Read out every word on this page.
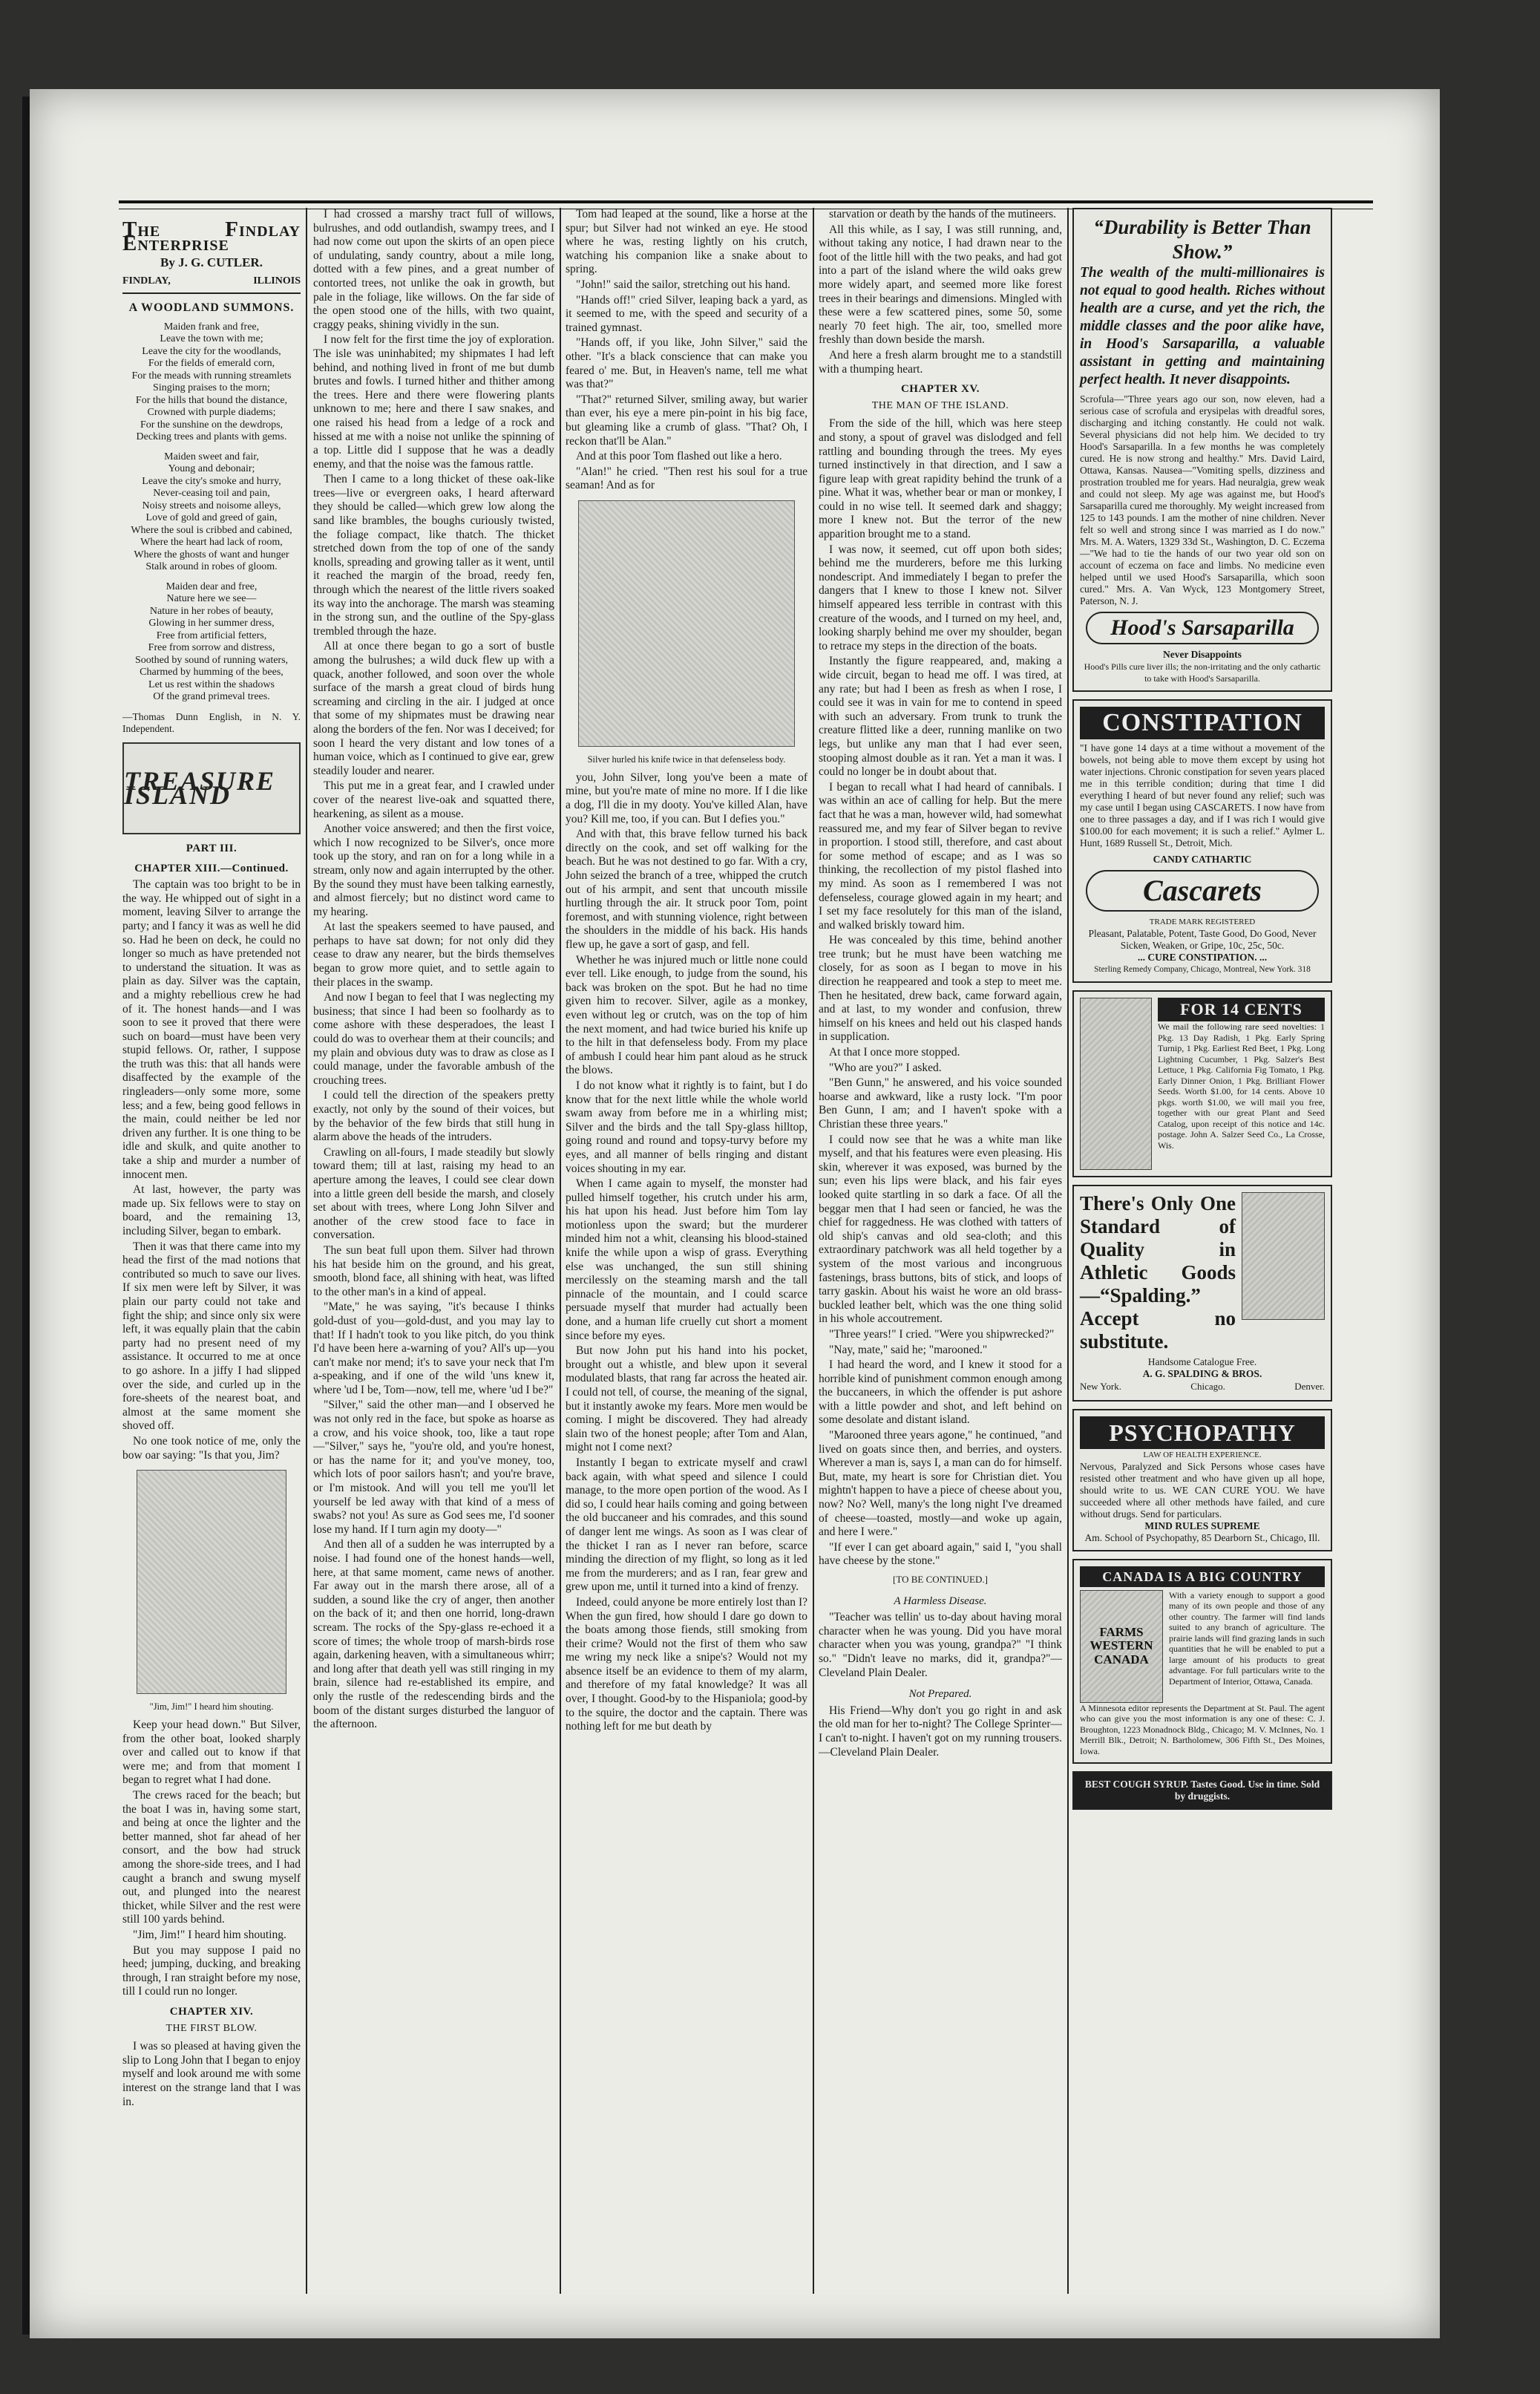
The Findlay Enterprise
By J. G. CUTLER.
FINDLAY,	ILLINOIS
A WOODLAND SUMMONS.
Maiden frank and free,
Leave the town with me;
Leave the city for the woodlands,
For the fields of emerald corn,
For the meads with running streamlets
Singing praises to the morn;
For the hills that bound the distance,
Crowned with purple diadems;
For the sunshine on the dewdrops,
Decking trees and plants with gems.
Maiden sweet and fair,
Young and debonair;
Leave the city's smoke and hurry,
Never-ceasing toil and pain,
Noisy streets and noisome alleys,
Love of gold and greed of gain,
Where the soul is cribbed and cabined,
Where the heart had lack of room,
Where the ghosts of want and hunger
Stalk around in robes of gloom.
Maiden dear and free,
Nature here we see—
Nature in her robes of beauty,
Glowing in her summer dress,
Free from artificial fetters,
Free from sorrow and distress,
Soothed by sound of running waters,
Charmed by humming of the bees,
Let us rest within the shadows
Of the grand primeval trees.
—Thomas Dunn English, in N. Y. Independent.
TREASURE ISLAND
PART III.
CHAPTER XIII.—Continued.

The captain was too bright to be in the way. He whipped out of sight in a moment, leaving Silver to arrange the party; and I fancy it was as well he did so. Had he been on deck, he could no longer so much as have pretended not to understand the situation. It was as plain as day. Silver was the captain, and a mighty rebellious crew he had of it. The honest hands—and I was soon to see it proved that there were such on board—must have been very stupid fellows. Or, rather, I suppose the truth was this: that all hands were disaffected by the example of the ringleaders—only some more, some less; and a few, being good fellows in the main, could neither be led nor driven any further. It is one thing to be idle and skulk, and quite another to take a ship and murder a number of innocent men.

At last, however, the party was made up. Six fellows were to stay on board, and the remaining 13, including Silver, began to embark.

Then it was that there came into my head the first of the mad notions that contributed so much to save our lives. If six men were left by Silver, it was plain our party could not take and fight the ship; and since only six were left, it was equally plain that the cabin party had no present need of my assistance. It occurred to me at once to go ashore. In a jiffy I had slipped over the side, and curled up in the fore-sheets of the nearest boat, and almost at the same moment she shoved off.

No one took notice of me, only the bow oar saying: "Is that you, Jim?

"Jim, Jim!" I heard him shouting.

Keep your head down." But Silver, from the other boat, looked sharply over and called out to know if that were me; and from that moment I began to regret what I had done.

The crews raced for the beach; but the boat I was in, having some start, and being at once the lighter and the better manned, shot far ahead of her consort, and the bow had struck among the shore-side trees, and I had caught a branch and swung myself out, and plunged into the nearest thicket, while Silver and the rest were still 100 yards behind.

"Jim, Jim!" I heard him shouting.

But you may suppose I paid no heed; jumping, ducking, and breaking through, I ran straight before my nose, till I could run no longer.

CHAPTER XIV.
THE FIRST BLOW.

I was so pleased at having given the slip to Long John that I began to enjoy myself and look around me with some interest on the strange land that I was in.

I had crossed a marshy tract full of willows, bulrushes, and odd outlandish, swampy trees, and I had now come out upon the skirts of an open piece of undulating, sandy country, about a mile long, dotted with a few pines, and a great number of contorted trees, not unlike the oak in growth, but pale in the foliage, like willows. On the far side of the open stood one of the hills, with two quaint, craggy peaks, shining vividly in the sun.

I now felt for the first time the joy of exploration. The isle was uninhabited; my shipmates I had left behind, and nothing lived in front of me but dumb brutes and fowls. I turned hither and thither among the trees. Here and there were flowering plants unknown to me; here and there I saw snakes, and one raised his head from a ledge of a rock and hissed at me with a noise not unlike the spinning of a top. Little did I suppose that he was a deadly enemy, and that the noise was the famous rattle.

Then I came to a long thicket of these oak-like trees—live or evergreen oaks, I heard afterward they should be called—which grew low along the sand like brambles, the boughs curiously twisted, the foliage compact, like thatch. The thicket stretched down from the top of one of the sandy knolls, spreading and growing taller as it went, until it reached the margin of the broad, reedy fen, through which the nearest of the little rivers soaked its way into the anchorage. The marsh was steaming in the strong sun, and the outline of the Spy-glass trembled through the haze.

All at once there began to go a sort of bustle among the bulrushes; a wild duck flew up with a quack, another followed, and soon over the whole surface of the marsh a great cloud of birds hung screaming and circling in the air. I judged at once that some of my shipmates must be drawing near along the borders of the fen. Nor was I deceived; for soon I heard the very distant and low tones of a human voice, which as I continued to give ear, grew steadily louder and nearer.

This put me in a great fear, and I crawled under cover of the nearest live-oak and squatted there, hearkening, as silent as a mouse.

Another voice answered; and then the first voice, which I now recognized to be Silver's, once more took up the story, and ran on for a long while in a stream, only now and again interrupted by the other. By the sound they must have been talking earnestly, and almost fiercely; but no distinct word came to my hearing.

At last the speakers seemed to have paused, and perhaps to have sat down; for not only did they cease to draw any nearer, but the birds themselves began to grow more quiet, and to settle again to their places in the swamp.

And now I began to feel that I was neglecting my business; that since I had been so foolhardy as to come ashore with these desperadoes, the least I could do was to overhear them at their councils; and my plain and obvious duty was to draw as close as I could manage, under the favorable ambush of the crouching trees.

I could tell the direction of the speakers pretty exactly, not only by the sound of their voices, but by the behavior of the few birds that still hung in alarm above the heads of the intruders.

Crawling on all-fours, I made steadily but slowly toward them; till at last, raising my head to an aperture among the leaves, I could see clear down into a little green dell beside the marsh, and closely set about with trees, where Long John Silver and another of the crew stood face to face in conversation.

The sun beat full upon them. Silver had thrown his hat beside him on the ground, and his great, smooth, blond face, all shining with heat, was lifted to the other man's in a kind of appeal.

"Mate," he was saying, "it's because I thinks gold-dust of you—gold-dust, and you may lay to that! If I hadn't took to you like pitch, do you think I'd have been here a-warning of you? All's up—you can't make nor mend; it's to save your neck that I'm a-speaking, and if one of the wild 'uns knew it, where 'ud I be, Tom—now, tell me, where 'ud I be?"

"Silver," said the other man—and I observed he was not only red in the face, but spoke as hoarse as a crow, and his voice shook, too, like a taut rope—"Silver," says he, "you're old, and you're honest, or has the name for it; and you've money, too, which lots of poor sailors hasn't; and you're brave, or I'm mistook. And will you tell me you'll let yourself be led away with that kind of a mess of swabs? not you! As sure as God sees me, I'd sooner lose my hand. If I turn agin my dooty—"

And then all of a sudden he was interrupted by a noise. I had found one of the honest hands—well, here, at that same moment, came news of another. Far away out in the marsh there arose, all of a sudden, a sound like the cry of anger, then another on the back of it; and then one horrid, long-drawn scream. The rocks of the Spy-glass re-echoed it a score of times; the whole troop of marsh-birds rose again, darkening heaven, with a simultaneous whirr; and long after that death yell was still ringing in my brain, silence had re-established its empire, and only the rustle of the redescending birds and the boom of the distant surges disturbed the languor of the afternoon.

Tom had leaped at the sound, like a horse at the spur; but Silver had not winked an eye. He stood where he was, resting lightly on his crutch, watching his companion like a snake about to spring.

"John!" said the sailor, stretching out his hand.

"Hands off!" cried Silver, leaping back a yard, as it seemed to me, with the speed and security of a trained gymnast.

"Hands off, if you like, John Silver," said the other. "It's a black conscience that can make you feared o' me. But, in Heaven's name, tell me what was that?"

"That?" returned Silver, smiling away, but warier than ever, his eye a mere pin-point in his big face, but gleaming like a crumb of glass. "That? Oh, I reckon that'll be Alan."

And at this poor Tom flashed out like a hero.

"Alan!" he cried. "Then rest his soul for a true seaman! And as for

Silver hurled his knife twice in that defenseless body.

you, John Silver, long you've been a mate of mine, but you're mate of mine no more. If I die like a dog, I'll die in my dooty. You've killed Alan, have you? Kill me, too, if you can. But I defies you."

And with that, this brave fellow turned his back directly on the cook, and set off walking for the beach. But he was not destined to go far. With a cry, John seized the branch of a tree, whipped the crutch out of his armpit, and sent that uncouth missile hurtling through the air. It struck poor Tom, point foremost, and with stunning violence, right between the shoulders in the middle of his back. His hands flew up, he gave a sort of gasp, and fell.

Whether he was injured much or little none could ever tell. Like enough, to judge from the sound, his back was broken on the spot. But he had no time given him to recover. Silver, agile as a monkey, even without leg or crutch, was on the top of him the next moment, and had twice buried his knife up to the hilt in that defenseless body. From my place of ambush I could hear him pant aloud as he struck the blows.

I do not know what it rightly is to faint, but I do know that for the next little while the whole world swam away from before me in a whirling mist; Silver and the birds and the tall Spy-glass hilltop, going round and round and topsy-turvy before my eyes, and all manner of bells ringing and distant voices shouting in my ear.

When I came again to myself, the monster had pulled himself together, his crutch under his arm, his hat upon his head. Just before him Tom lay motionless upon the sward; but the murderer minded him not a whit, cleansing his blood-stained knife the while upon a wisp of grass. Everything else was unchanged, the sun still shining mercilessly on the steaming marsh and the tall pinnacle of the mountain, and I could scarce persuade myself that murder had actually been done, and a human life cruelly cut short a moment since before my eyes.

But now John put his hand into his pocket, brought out a whistle, and blew upon it several modulated blasts, that rang far across the heated air. I could not tell, of course, the meaning of the signal, but it instantly awoke my fears. More men would be coming. I might be discovered. They had already slain two of the honest people; after Tom and Alan, might not I come next?

Instantly I began to extricate myself and crawl back again, with what speed and silence I could manage, to the more open portion of the wood. As I did so, I could hear hails coming and going between the old buccaneer and his comrades, and this sound of danger lent me wings. As soon as I was clear of the thicket I ran as I never ran before, scarce minding the direction of my flight, so long as it led me from the murderers; and as I ran, fear grew and grew upon me, until it turned into a kind of frenzy.

Indeed, could anyone be more entirely lost than I? When the gun fired, how should I dare go down to the boats among those fiends, still smoking from their crime? Would not the first of them who saw me wring my neck like a snipe's? Would not my absence itself be an evidence to them of my alarm, and therefore of my fatal knowledge? It was all over, I thought. Good-by to the Hispaniola; good-by to the squire, the doctor and the captain. There was nothing left for me but death by

starvation or death by the hands of the mutineers.

All this while, as I say, I was still running, and, without taking any notice, I had drawn near to the foot of the little hill with the two peaks, and had got into a part of the island where the wild oaks grew more widely apart, and seemed more like forest trees in their bearings and dimensions. Mingled with these were a few scattered pines, some 50, some nearly 70 feet high. The air, too, smelled more freshly than down beside the marsh.

And here a fresh alarm brought me to a standstill with a thumping heart.

CHAPTER XV.
THE MAN OF THE ISLAND.

From the side of the hill, which was here steep and stony, a spout of gravel was dislodged and fell rattling and bounding through the trees. My eyes turned instinctively in that direction, and I saw a figure leap with great rapidity behind the trunk of a pine. What it was, whether bear or man or monkey, I could in no wise tell. It seemed dark and shaggy; more I knew not. But the terror of the new apparition brought me to a stand.

I was now, it seemed, cut off upon both sides; behind me the murderers, before me this lurking nondescript. And immediately I began to prefer the dangers that I knew to those I knew not. Silver himself appeared less terrible in contrast with this creature of the woods, and I turned on my heel, and, looking sharply behind me over my shoulder, began to retrace my steps in the direction of the boats.

Instantly the figure reappeared, and, making a wide circuit, began to head me off. I was tired, at any rate; but had I been as fresh as when I rose, I could see it was in vain for me to contend in speed with such an adversary. From trunk to trunk the creature flitted like a deer, running manlike on two legs, but unlike any man that I had ever seen, stooping almost double as it ran. Yet a man it was. I could no longer be in doubt about that.

I began to recall what I had heard of cannibals. I was within an ace of calling for help. But the mere fact that he was a man, however wild, had somewhat reassured me, and my fear of Silver began to revive in proportion. I stood still, therefore, and cast about for some method of escape; and as I was so thinking, the recollection of my pistol flashed into my mind. As soon as I remembered I was not defenseless, courage glowed again in my heart; and I set my face resolutely for this man of the island, and walked briskly toward him.

He was concealed by this time, behind another tree trunk; but he must have been watching me closely, for as soon as I began to move in his direction he reappeared and took a step to meet me. Then he hesitated, drew back, came forward again, and at last, to my wonder and confusion, threw himself on his knees and held out his clasped hands in supplication.

At that I once more stopped.

"Who are you?" I asked.

"Ben Gunn," he answered, and his voice sounded hoarse and awkward, like a rusty lock. "I'm poor Ben Gunn, I am; and I haven't spoke with a Christian these three years."

I could now see that he was a white man like myself, and that his features were even pleasing. His skin, wherever it was exposed, was burned by the sun; even his lips were black, and his fair eyes looked quite startling in so dark a face. Of all the beggar men that I had seen or fancied, he was the chief for raggedness. He was clothed with tatters of old ship's canvas and old sea-cloth; and this extraordinary patchwork was all held together by a system of the most various and incongruous fastenings, brass buttons, bits of stick, and loops of tarry gaskin. About his waist he wore an old brass-buckled leather belt, which was the one thing solid in his whole accoutrement.

"Three years!" I cried. "Were you shipwrecked?"

"Nay, mate," said he; "marooned."

I had heard the word, and I knew it stood for a horrible kind of punishment common enough among the buccaneers, in which the offender is put ashore with a little powder and shot, and left behind on some desolate and distant island.

"Marooned three years agone," he continued, "and lived on goats since then, and berries, and oysters. Wherever a man is, says I, a man can do for himself. But, mate, my heart is sore for Christian diet. You mightn't happen to have a piece of cheese about you, now? No? Well, many's the long night I've dreamed of cheese—toasted, mostly—and woke up again, and here I were."

"If ever I can get aboard again," said I, "you shall have cheese by the stone."

[TO BE CONTINUED.]
A Harmless Disease.

"Teacher was tellin' us to-day about having moral character when he was young. Did you have moral character when you was young, grandpa?" "I think so." "Didn't leave no marks, did it, grandpa?"—Cleveland Plain Dealer.

Not Prepared.

His Friend—Why don't you go right in and ask the old man for her to-night? The College Sprinter—I can't to-night. I haven't got on my running trousers.—Cleveland Plain Dealer.

“Durability is Better Than Show.”
The wealth of the multi-millionaires is not equal to good health. Riches without health are a curse, and yet the rich, the middle classes and the poor alike have, in Hood's Sarsaparilla, a valuable assistant in getting and maintaining perfect health. It never disappoints.
Scrofula—"Three years ago our son, now eleven, had a serious case of scrofula and erysipelas with dreadful sores, discharging and itching constantly. He could not walk. Several physicians did not help him. We decided to try Hood's Sarsaparilla. In a few months he was completely cured. He is now strong and healthy." Mrs. David Laird, Ottawa, Kansas. Nausea—"Vomiting spells, dizziness and prostration troubled me for years. Had neuralgia, grew weak and could not sleep. My age was against me, but Hood's Sarsaparilla cured me thoroughly. My weight increased from 125 to 143 pounds. I am the mother of nine children. Never felt so well and strong since I was married as I do now." Mrs. M. A. Waters, 1329 33d St., Washington, D. C. Eczema—"We had to tie the hands of our two year old son on account of eczema on face and limbs. No medicine even helped until we used Hood's Sarsaparilla, which soon cured." Mrs. A. Van Wyck, 123 Montgomery Street, Paterson, N. J.
Hood's Sarsaparilla
Never Disappoints
Hood's Pills cure liver ills; the non-irritating and the only cathartic to take with Hood's Sarsaparilla.
CONSTIPATION
"I have gone 14 days at a time without a movement of the bowels, not being able to move them except by using hot water injections. Chronic constipation for seven years placed me in this terrible condition; during that time I did everything I heard of but never found any relief; such was my case until I began using CASCARETS. I now have from one to three passages a day, and if I was rich I would give $100.00 for each movement; it is such a relief." Aylmer L. Hunt, 1689 Russell St., Detroit, Mich.
CANDY CATHARTIC
Cascarets
TRADE MARK REGISTERED
Pleasant, Palatable, Potent, Taste Good, Do Good, Never Sicken, Weaken, or Gripe, 10c, 25c, 50c.
... CURE CONSTIPATION. ...
Sterling Remedy Company, Chicago, Montreal, New York. 318
FOR 14 CENTS
We mail the following rare seed novelties: 1 Pkg. 13 Day Radish, 1 Pkg. Early Spring Turnip, 1 Pkg. Earliest Red Beet, 1 Pkg. Long Lightning Cucumber, 1 Pkg. Salzer's Best Lettuce, 1 Pkg. California Fig Tomato, 1 Pkg. Early Dinner Onion, 1 Pkg. Brilliant Flower Seeds. Worth $1.00, for 14 cents. Above 10 pkgs. worth $1.00, we will mail you free, together with our great Plant and Seed Catalog, upon receipt of this notice and 14c. postage. John A. Salzer Seed Co., La Crosse, Wis.
There's Only One Standard of Quality in Athletic Goods—“Spalding.” Accept no substitute.
Handsome Catalogue Free.
A. G. SPALDING & BROS.
New York.	Chicago.	Denver.
PSYCHOPATHY
LAW OF HEALTH EXPERIENCE.
Nervous, Paralyzed and Sick Persons whose cases have resisted other treatment and who have given up all hope, should write to us. WE CAN CURE YOU. We have succeeded where all other methods have failed, and cure without drugs. Send for particulars.
MIND RULES SUPREME
Am. School of Psychopathy, 85 Dearborn St., Chicago, Ill.
CANADA IS A BIG COUNTRY
FARMS WESTERN CANADA
With a variety enough to support a good many of its own people and those of any other country. The farmer will find lands suited to any branch of agriculture. The prairie lands will find grazing lands in such quantities that he will be enabled to put a large amount of his products to great advantage. For full particulars write to the Department of Interior, Ottawa, Canada.
A Minnesota editor represents the Department at St. Paul. The agent who can give you the most information is any one of these: C. J. Broughton, 1223 Monadnock Bldg., Chicago; M. V. McInnes, No. 1 Merrill Blk., Detroit; N. Bartholomew, 306 Fifth St., Des Moines, Iowa.
BEST COUGH SYRUP. Tastes Good. Use in time. Sold by druggists.
